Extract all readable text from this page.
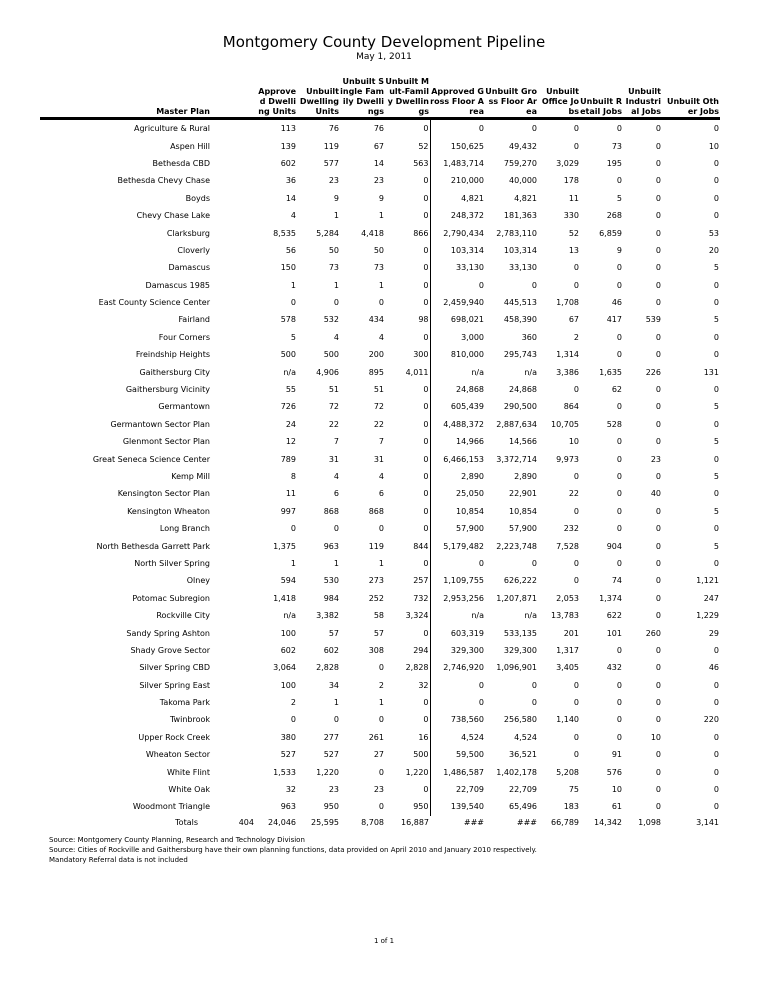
Montgomery County Development Pipeline
May 1, 2011
Master Plan		Approved Dwelling Units	Unbuilt Dwelling Units	Unbuilt Single Family Dwellings	Unbuilt Mult-Family Dwellings	Approved Gross Floor Area	Unbuilt Gross Floor Area	Unbuilt Office Jobs	Unbuilt Retail Jobs	Unbuilt Industrial Jobs	Unbuilt Other Jobs
Agriculture & Rural		113	76	76	0	0	0	0	0	0	0
Aspen Hill		139	119	67	52	150,625	49,432	0	73	0	10
Bethesda CBD		602	577	14	563	1,483,714	759,270	3,029	195	0	0
Bethesda Chevy Chase		36	23	23	0	210,000	40,000	178	0	0	0
Boyds		14	9	9	0	4,821	4,821	11	5	0	0
Chevy Chase Lake		4	1	1	0	248,372	181,363	330	268	0	0
Clarksburg		8,535	5,284	4,418	866	2,790,434	2,783,110	52	6,859	0	53
Cloverly		56	50	50	0	103,314	103,314	13	9	0	20
Damascus		150	73	73	0	33,130	33,130	0	0	0	5
Damascus 1985		1	1	1	0	0	0	0	0	0	0
East County Science Center		0	0	0	0	2,459,940	445,513	1,708	46	0	0
Fairland		578	532	434	98	698,021	458,390	67	417	539	5
Four Corners		5	4	4	0	3,000	360	2	0	0	0
Freindship Heights		500	500	200	300	810,000	295,743	1,314	0	0	0
Gaithersburg City		n/a	4,906	895	4,011	n/a	n/a	3,386	1,635	226	131
Gaithersburg Vicinity		55	51	51	0	24,868	24,868	0	62	0	0
Germantown		726	72	72	0	605,439	290,500	864	0	0	5
Germantown Sector Plan		24	22	22	0	4,488,372	2,887,634	10,705	528	0	0
Glenmont Sector Plan		12	7	7	0	14,966	14,566	10	0	0	5
Great Seneca Science Center		789	31	31	0	6,466,153	3,372,714	9,973	0	23	0
Kemp Mill		8	4	4	0	2,890	2,890	0	0	0	5
Kensington Sector Plan		11	6	6	0	25,050	22,901	22	0	40	0
Kensington Wheaton		997	868	868	0	10,854	10,854	0	0	0	5
Long Branch		0	0	0	0	57,900	57,900	232	0	0	0
North Bethesda Garrett Park		1,375	963	119	844	5,179,482	2,223,748	7,528	904	0	5
North Silver Spring		1	1	1	0	0	0	0	0	0	0
Olney		594	530	273	257	1,109,755	626,222	0	74	0	1,121
Potomac Subregion		1,418	984	252	732	2,953,256	1,207,871	2,053	1,374	0	247
Rockville City		n/a	3,382	58	3,324	n/a	n/a	13,783	622	0	1,229
Sandy Spring Ashton		100	57	57	0	603,319	533,135	201	101	260	29
Shady Grove Sector		602	602	308	294	329,300	329,300	1,317	0	0	0
Silver Spring CBD		3,064	2,828	0	2,828	2,746,920	1,096,901	3,405	432	0	46
Silver Spring East		100	34	2	32	0	0	0	0	0	0
Takoma Park		2	1	1	0	0	0	0	0	0	0
Twinbrook		0	0	0	0	738,560	256,580	1,140	0	0	220
Upper Rock Creek		380	277	261	16	4,524	4,524	0	0	10	0
Wheaton Sector		527	527	27	500	59,500	36,521	0	91	0	0
White Flint		1,533	1,220	0	1,220	1,486,587	1,402,178	5,208	576	0	0
White Oak		32	23	23	0	22,709	22,709	75	10	0	0
Woodmont Triangle		963	950	0	950	139,540	65,496	183	61	0	0
Totals	404	24,046	25,595	8,708	16,887	###	###	66,789	14,342	1,098	3,141
Source: Montgomery County Planning, Research and Technology Division
Source: Cities of Rockville and Gaithersburg have their own planning functions, data provided on April 2010 and January 2010 respectively.
Mandatory Referral data is not included
1 of 1
